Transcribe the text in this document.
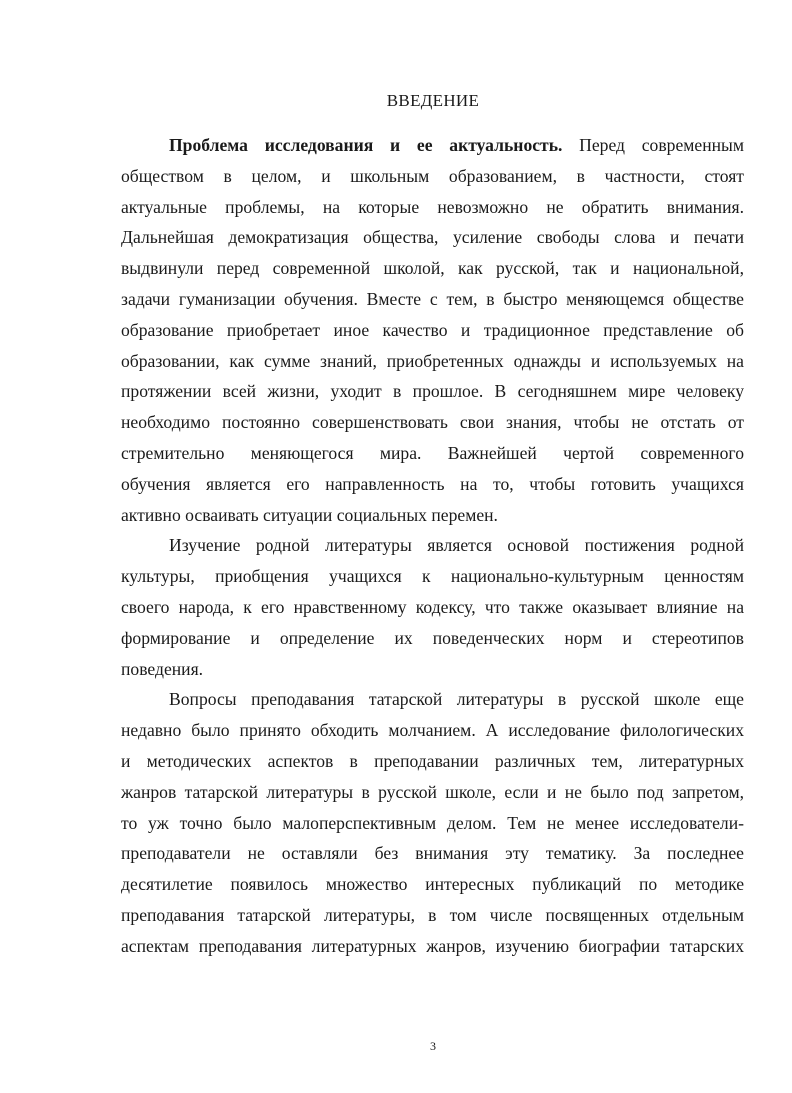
ВВЕДЕНИЕ
Проблема исследования и ее актуальность. Перед современным
обществом в целом, и школьным образованием, в частности, стоят
актуальные проблемы, на которые невозможно не обратить внимания.
Дальнейшая демократизация общества, усиление свободы слова и печати
выдвинули перед современной школой, как русской, так и национальной,
задачи гуманизации обучения. Вместе с тем, в быстро меняющемся обществе
образование приобретает иное качество и традиционное представление об
образовании, как сумме знаний, приобретенных однажды и используемых на
протяжении всей жизни, уходит в прошлое. В сегодняшнем мире человеку
необходимо постоянно совершенствовать свои знания, чтобы не отстать от
стремительно меняющегося мира. Важнейшей чертой современного
обучения является его направленность на то, чтобы готовить учащихся
активно осваивать ситуации социальных перемен.
Изучение родной литературы является основой постижения родной
культуры, приобщения учащихся к национально-культурным ценностям
своего народа, к его нравственному кодексу, что также оказывает влияние на
формирование и определение их поведенческих норм и стереотипов
поведения.
Вопросы преподавания татарской литературы в русской школе еще
недавно было принято обходить молчанием. А исследование филологических
и методических аспектов в преподавании различных тем, литературных
жанров татарской литературы в русской школе, если и не было под запретом,
то уж точно было малоперспективным делом. Тем не менее исследователи-
преподаватели не оставляли без внимания эту тематику. За последнее
десятилетие появилось множество интересных публикаций по методике
преподавания татарской литературы, в том числе посвященных отдельным
аспектам преподавания литературных жанров, изучению биографии татарских
3
